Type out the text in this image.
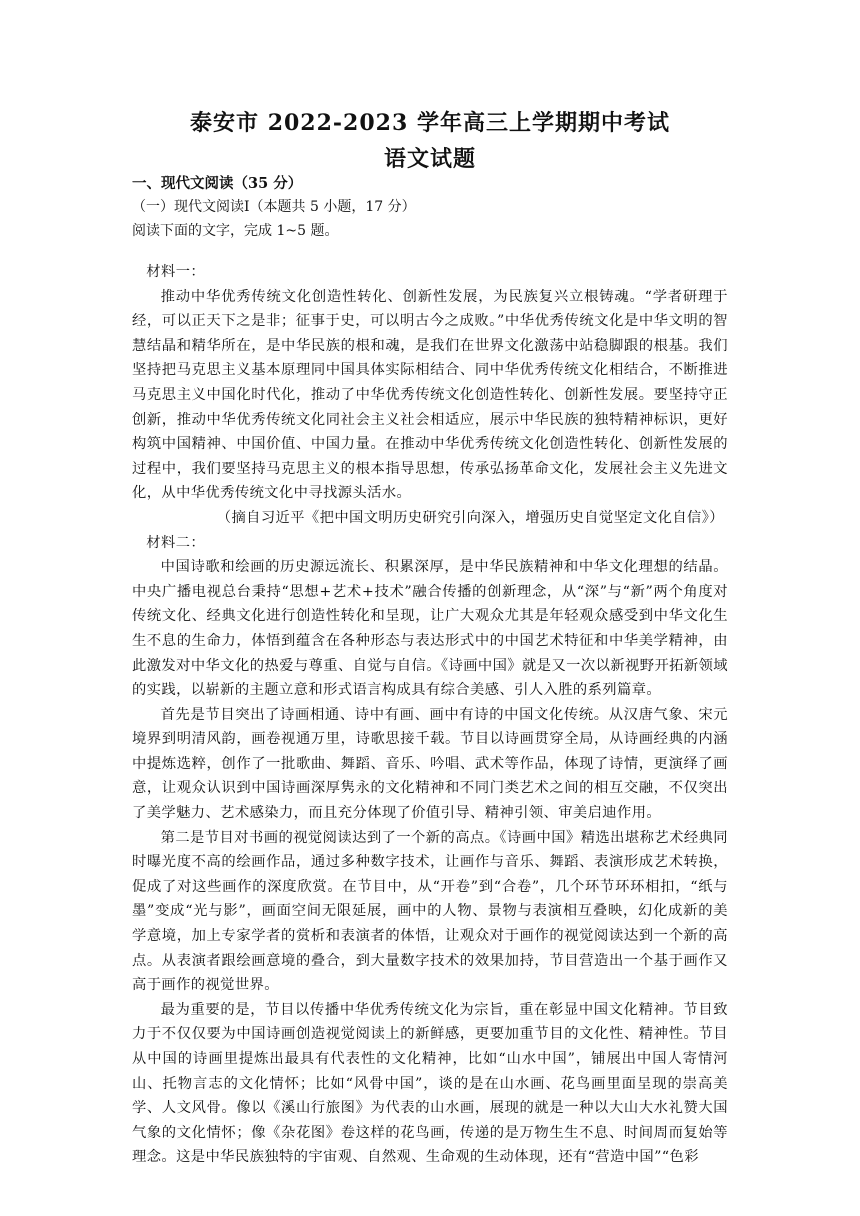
泰安市 2022-2023 学年高三上学期期中考试
语文试题
一、现代文阅读（35 分）
（一）现代文阅读Ⅰ（本题共 5 小题，17 分）
阅读下面的文字，完成 1~5 题。

材料一：

推动中华优秀传统文化创造性转化、创新性发展，为民族复兴立根铸魂。“学者研理于经，可以正天下之是非；征事于史，可以明古今之成败。”中华优秀传统文化是中华文明的智慧结晶和精华所在，是中华民族的根和魂，是我们在世界文化激荡中站稳脚跟的根基。我们坚持把马克思主义基本原理同中国具体实际相结合、同中华优秀传统文化相结合，不断推进马克思主义中国化时代化，推动了中华优秀传统文化创造性转化、创新性发展。要坚持守正创新，推动中华优秀传统文化同社会主义社会相适应，展示中华民族的独特精神标识，更好构筑中国精神、中国价值、中国力量。在推动中华优秀传统文化创造性转化、创新性发展的过程中，我们要坚持马克思主义的根本指导思想，传承弘扬革命文化，发展社会主义先进文化，从中华优秀传统文化中寻找源头活水。

（摘自习近平《把中国文明历史研究引向深入，增强历史自觉坚定文化自信》）

材料二：

中国诗歌和绘画的历史源远流长、积累深厚，是中华民族精神和中华文化理想的结晶。中央广播电视总台秉持“思想+艺术+技术”融合传播的创新理念，从“深”与“新”两个角度对传统文化、经典文化进行创造性转化和呈现，让广大观众尤其是年轻观众感受到中华文化生生不息的生命力，体悟到蕴含在各种形态与表达形式中的中国艺术特征和中华美学精神，由此激发对中华文化的热爱与尊重、自觉与自信。《诗画中国》就是又一次以新视野开拓新领域的实践，以崭新的主题立意和形式语言构成具有综合美感、引人入胜的系列篇章。

首先是节目突出了诗画相通、诗中有画、画中有诗的中国文化传统。从汉唐气象、宋元境界到明清风韵，画卷视通万里，诗歌思接千载。节目以诗画贯穿全局，从诗画经典的内涵中提炼选粹，创作了一批歌曲、舞蹈、音乐、吟唱、武术等作品，体现了诗情，更演绎了画意，让观众认识到中国诗画深厚隽永的文化精神和不同门类艺术之间的相互交融，不仅突出了美学魅力、艺术感染力，而且充分体现了价值引导、精神引领、审美启迪作用。

第二是节目对书画的视觉阅读达到了一个新的高点。《诗画中国》精选出堪称艺术经典同时曝光度不高的绘画作品，通过多种数字技术，让画作与音乐、舞蹈、表演形成艺术转换，促成了对这些画作的深度欣赏。在节目中，从“开卷”到“合卷”，几个环节环环相扣，“纸与墨”变成“光与影”，画面空间无限延展，画中的人物、景物与表演相互叠映，幻化成新的美学意境，加上专家学者的赏析和表演者的体悟，让观众对于画作的视觉阅读达到一个新的高点。从表演者跟绘画意境的叠合，到大量数字技术的效果加持，节目营造出一个基于画作又高于画作的视觉世界。

最为重要的是，节目以传播中华优秀传统文化为宗旨，重在彰显中国文化精神。节目致力于不仅仅要为中国诗画创造视觉阅读上的新鲜感，更要加重节目的文化性、精神性。节目从中国的诗画里提炼出最具有代表性的文化精神，比如“山水中国”，铺展出中国人寄情河山、托物言志的文化情怀；比如“风骨中国”，谈的是在山水画、花鸟画里面呈现的崇高美学、人文风骨。像以《溪山行旅图》为代表的山水画，展现的就是一种以大山大水礼赞大国气象的文化情怀；像《杂花图》卷这样的花鸟画，传递的是万物生生不息、时间周而复始等理念。这是中华民族独特的宇宙观、自然观、生命观的生动体现，还有“营造中国”“色彩
